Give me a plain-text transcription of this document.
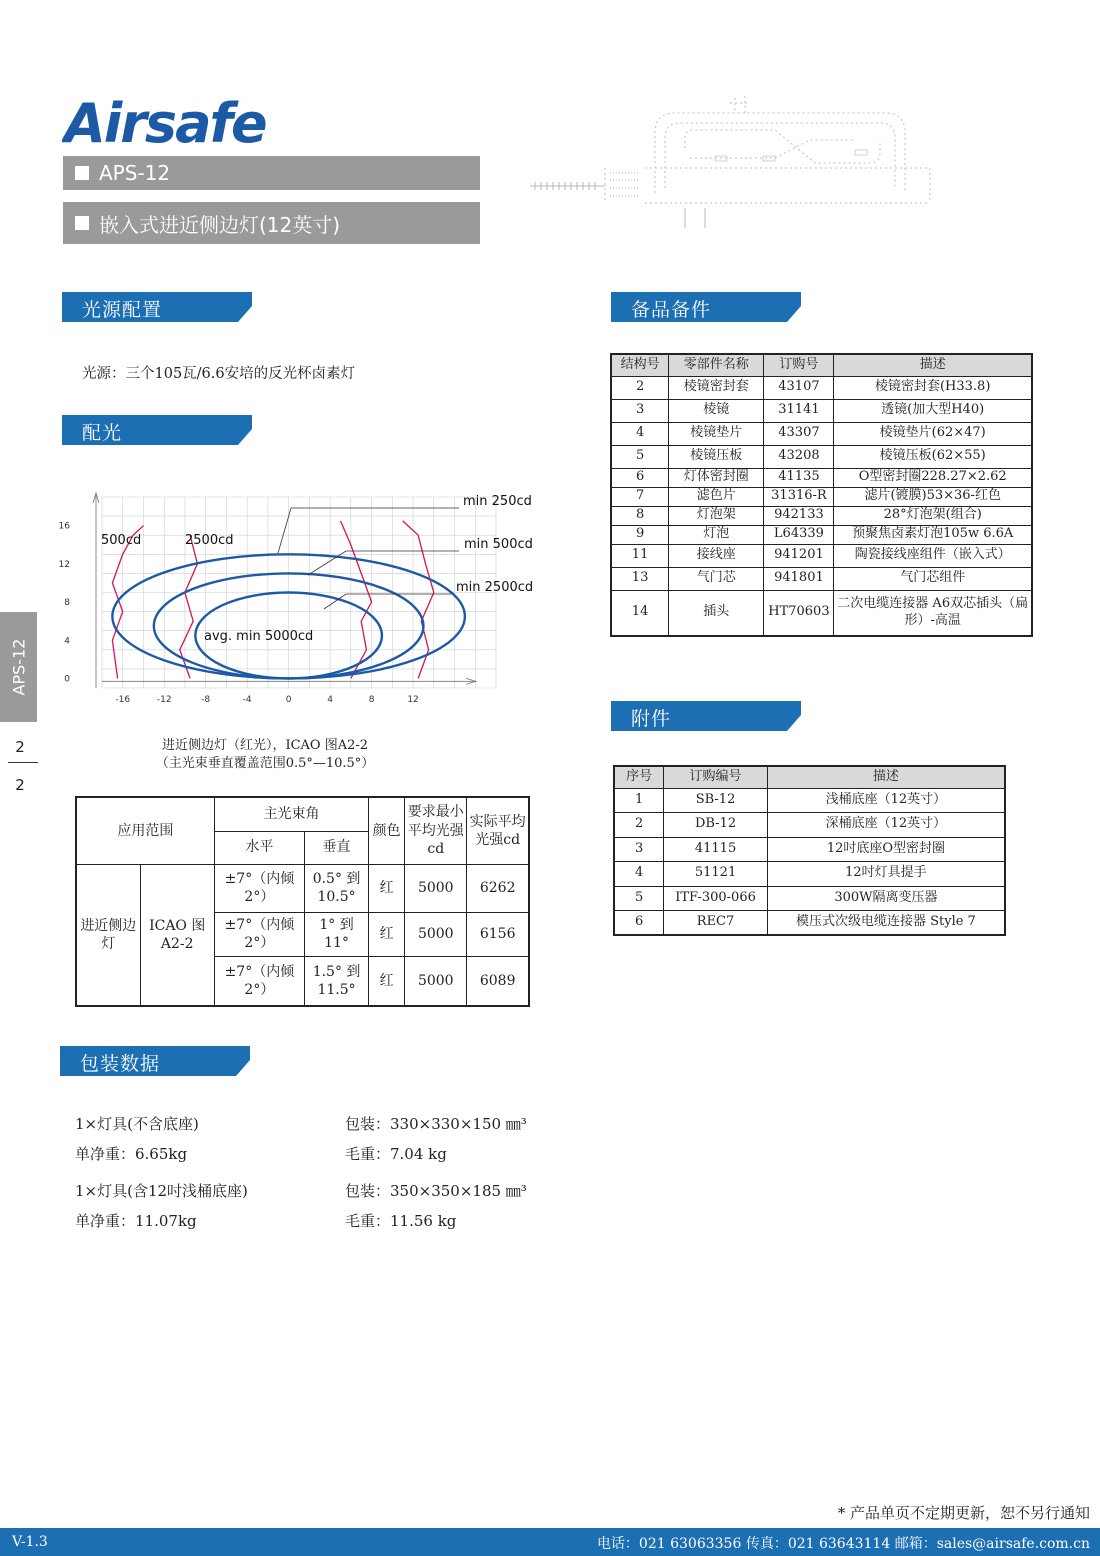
Airsafe
APS-12
嵌入式进近侧边灯(12英寸)
光源配置
光源：三个105瓦/6.6安培的反光杯卤素灯
配光
备品备件
附件
包装数据
APS-12
2
2
-16	-12	-8	-4	0	4	8	12
0
4
8
12
16
min 250cd
min 500cd
min 2500cd
500cd	2500cd
avg. min 5000cd
进近侧边灯（红光），ICAO 图A2-2
（主光束垂直覆盖范围0.5°—10.5°）
应用范围		主光束角		颜色	要求最小平均光强cd	实际平均光强cd
		水平	垂直			
进近侧边灯	ICAO 图A2-2	±7°（内倾2°）	0.5° 到 10.5°	红	5000	6262
		±7°（内倾2°）	1° 到 11°	红	5000	6156
		±7°（内倾2°）	1.5° 到 11.5°	红	5000	6089
1×灯具(不含底座)	包装：330×330×150 ㎜³
单净重：6.65kg	毛重：7.04 kg
1×灯具(含12吋浅桶底座)	包装：350×350×185 ㎜³
单净重：11.07kg	毛重：11.56 kg
结构号	零部件名称	订购号	描述
2	棱镜密封套	43107	棱镜密封套(H33.8)
3	棱镜	31141	透镜(加大型H40)
4	棱镜垫片	43307	棱镜垫片(62×47)
5	棱镜压板	43208	棱镜压板(62×55)
6	灯体密封圈	41135	O型密封圈228.27×2.62
7	滤色片	31316-R	滤片(镀膜)53×36-红色
8	灯泡架	942133	28°灯泡架(组合)
9	灯泡	L64339	预聚焦卤素灯泡105w 6.6A
11	接线座	941201	陶瓷接线座组件（嵌入式）
13	气门芯	941801	气门芯组件
14	插头	HT70603	二次电缆连接器 A6双芯插头（扁形）-高温
序号	订购编号	描述
1	SB-12	浅桶底座（12英寸）
2	DB-12	深桶底座（12英寸）
3	41115	12吋底座O型密封圈
4	51121	12吋灯具提手
5	ITF-300-066	300W隔离变压器
6	REC7	模压式次级电缆连接器 Style 7
* 产品单页不定期更新，恕不另行通知
V-1.3	电话：021 63063356 传真：021 63643114 邮箱：sales@airsafe.com.cn
